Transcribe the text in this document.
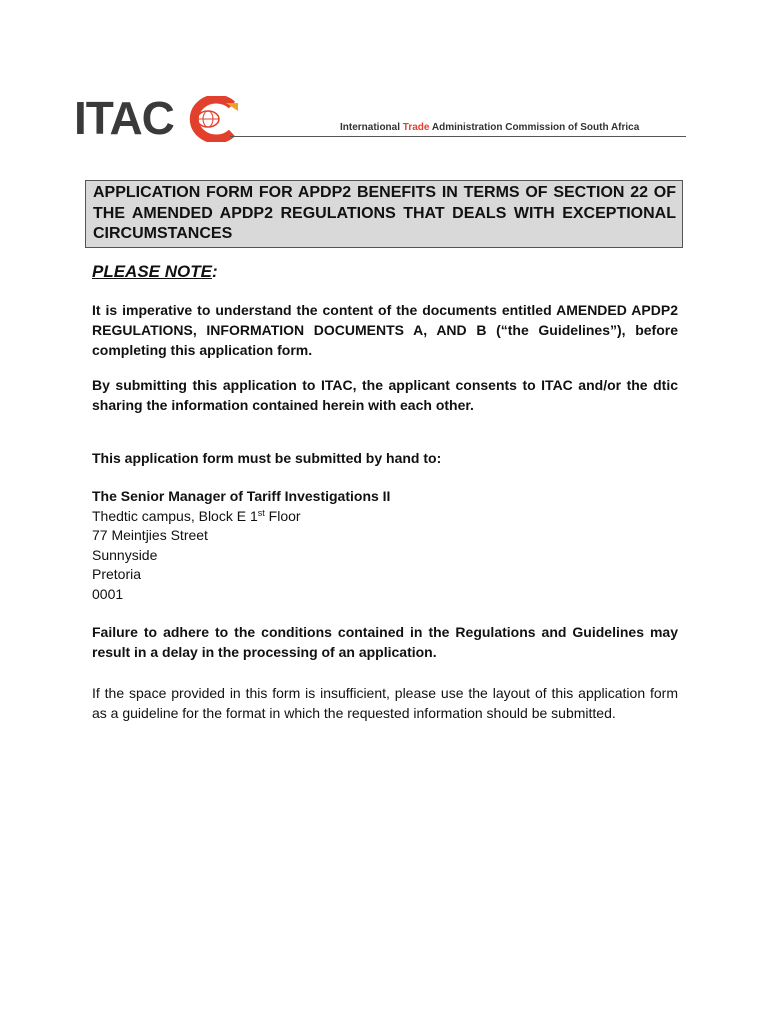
ITAC	International Trade Administration Commission of South Africa
APPLICATION FORM FOR APDP2 BENEFITS IN TERMS OF SECTION 22 OF THE AMENDED APDP2 REGULATIONS THAT DEALS WITH EXCEPTIONAL CIRCUMSTANCES
PLEASE NOTE:
It is imperative to understand the content of the documents entitled AMENDED APDP2 REGULATIONS, INFORMATION DOCUMENTS A, AND B (“the Guidelines”), before completing this application form.
By submitting this application to ITAC, the applicant consents to ITAC and/or the dtic sharing the information contained herein with each other.
This application form must be submitted by hand to:
The Senior Manager of Tariff Investigations II
Thedtic campus, Block E 1st Floor
77 Meintjies Street
Sunnyside
Pretoria
0001
Failure to adhere to the conditions contained in the Regulations and Guidelines may result in a delay in the processing of an application.
If the space provided in this form is insufficient, please use the layout of this application form as a guideline for the format in which the requested information should be submitted.
